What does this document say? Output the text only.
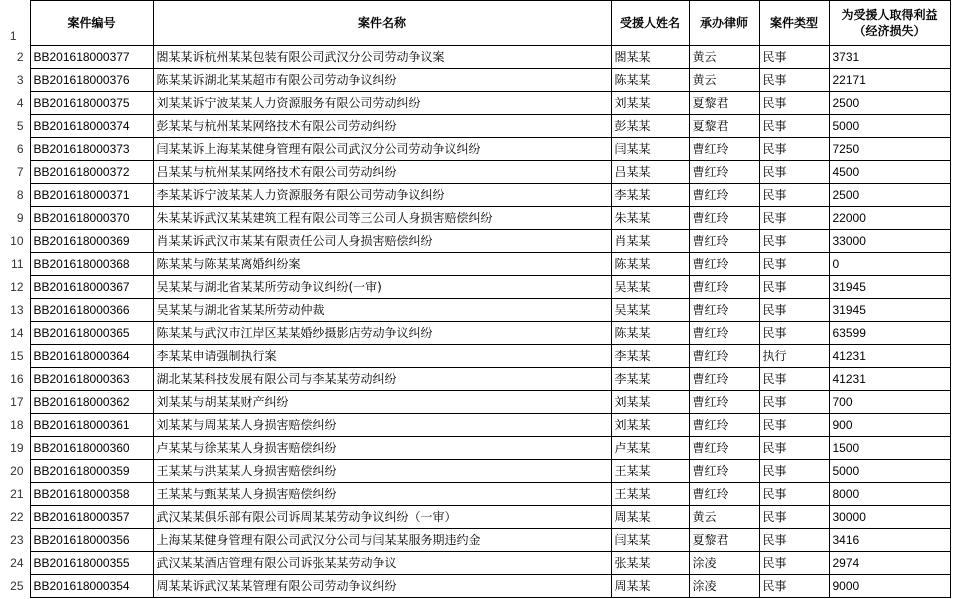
1	案件编号	案件名称	受援人姓名	承办律师	案件类型	为受援人取得利益
（经济损失）
2	BB201618000377	閤某某诉杭州某某包装有限公司武汉分公司劳动争议案	閤某某	黄云	民事	3731
3	BB201618000376	陈某某诉湖北某某超市有限公司劳动争议纠纷	陈某某	黄云	民事	22171
4	BB201618000375	刘某某诉宁波某某人力资源服务有限公司劳动纠纷	刘某某	夏黎君	民事	2500
5	BB201618000374	彭某某与杭州某某网络技术有限公司劳动纠纷	彭某某	夏黎君	民事	5000
6	BB201618000373	闫某某诉上海某某健身管理有限公司武汉分公司劳动争议纠纷	闫某某	曹红玲	民事	7250
7	BB201618000372	吕某某与杭州某某网络技术有限公司劳动纠纷	吕某某	曹红玲	民事	4500
8	BB201618000371	李某某诉宁波某某人力资源服务有限公司劳动争议纠纷	李某某	曹红玲	民事	2500
9	BB201618000370	朱某某诉武汉某某建筑工程有限公司等三公司人身损害赔偿纠纷	朱某某	曹红玲	民事	22000
10	BB201618000369	肖某某诉武汉市某某有限责任公司人身损害赔偿纠纷	肖某某	曹红玲	民事	33000
11	BB201618000368	陈某某与陈某某离婚纠纷案	陈某某	曹红玲	民事	0
12	BB201618000367	吴某某与湖北省某某所劳动争议纠纷(一审)	吴某某	曹红玲	民事	31945
13	BB201618000366	吴某某与湖北省某某所劳动仲裁	吴某某	曹红玲	民事	31945
14	BB201618000365	陈某某与武汉市江岸区某某婚纱摄影店劳动争议纠纷	陈某某	曹红玲	民事	63599
15	BB201618000364	李某某申请强制执行案	李某某	曹红玲	执行	41231
16	BB201618000363	湖北某某科技发展有限公司与李某某劳动纠纷	李某某	曹红玲	民事	41231
17	BB201618000362	刘某某与胡某某财产纠纷	刘某某	曹红玲	民事	700
18	BB201618000361	刘某某与周某某人身损害赔偿纠纷	刘某某	曹红玲	民事	900
19	BB201618000360	卢某某与徐某某人身损害赔偿纠纷	卢某某	曹红玲	民事	1500
20	BB201618000359	王某某与洪某某人身损害赔偿纠纷	王某某	曹红玲	民事	5000
21	BB201618000358	王某某与甄某某人身损害赔偿纠纷	王某某	曹红玲	民事	8000
22	BB201618000357	武汉某某俱乐部有限公司诉周某某劳动争议纠纷（一审）	周某某	黄云	民事	30000
23	BB201618000356	上海某某健身管理有限公司武汉分公司与闫某某服务期违约金	闫某某	夏黎君	民事	3416
24	BB201618000355	武汉某某酒店管理有限公司诉张某某劳动争议	张某某	涂凌	民事	2974
25	BB201618000354	周某某诉武汉某某管理有限公司劳动争议纠纷	周某某	涂凌	民事	9000
